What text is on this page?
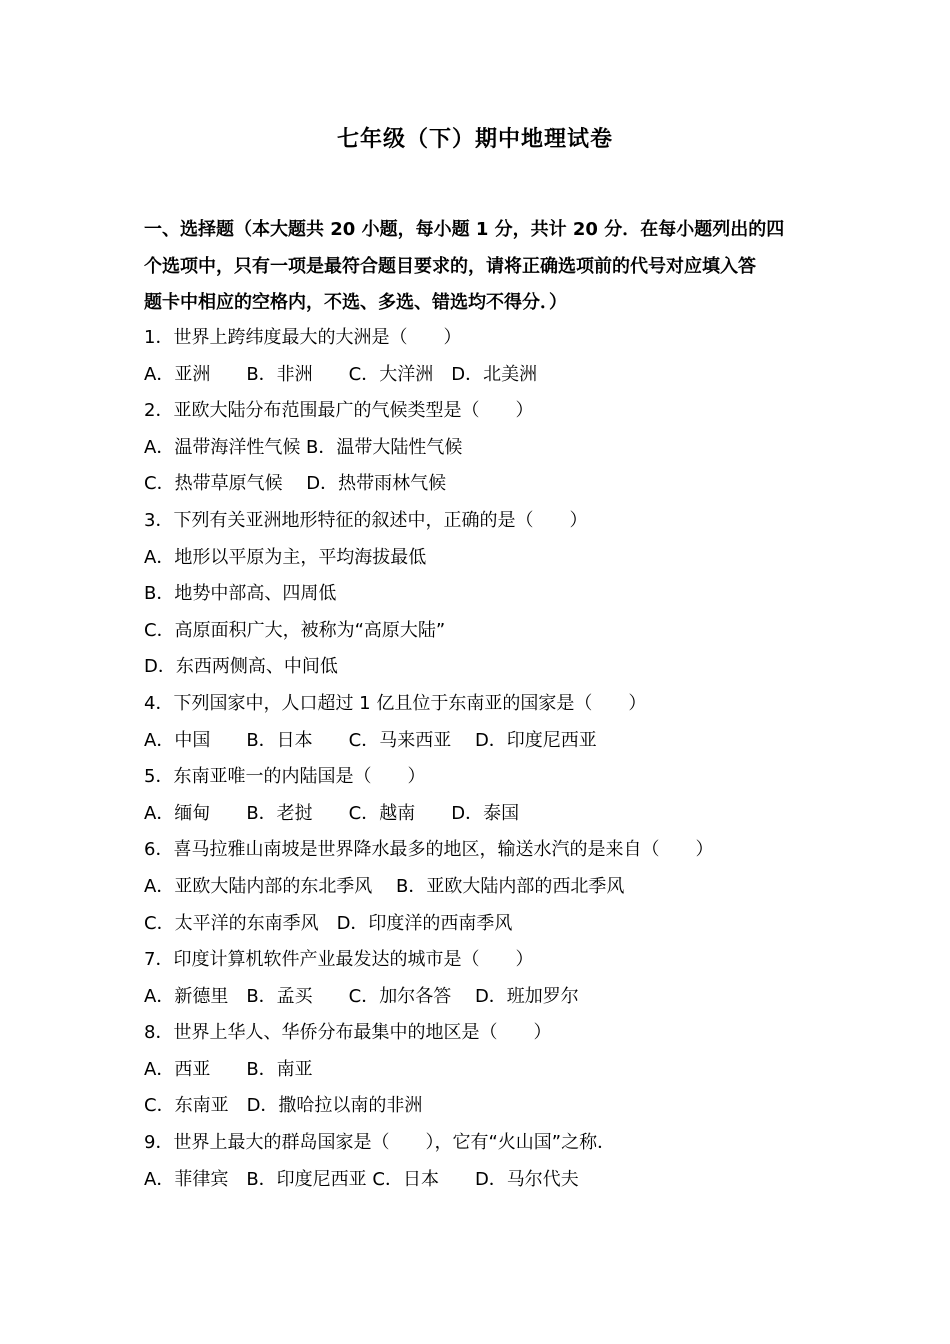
七年级（下）期中地理试卷
一、选择题（本大题共 20 小题，每小题 1 分，共计 20 分．在每小题列出的四
个选项中，只有一项是最符合题目要求的，请将正确选项前的代号对应填入答
题卡中相应的空格内，不选、多选、错选均不得分．）
1．世界上跨纬度最大的大洲是（　　）
A．亚洲　　B．非洲　　C．大洋洲　D．北美洲
2．亚欧大陆分布范围最广的气候类型是（　　）
A．温带海洋性气候 B．温带大陆性气候
C．热带草原气候　 D．热带雨林气候
3．下列有关亚洲地形特征的叙述中，正确的是（　　）
A．地形以平原为主，平均海拔最低
B．地势中部高、四周低
C．高原面积广大，被称为“高原大陆”
D．东西两侧高、中间低
4．下列国家中，人口超过 1 亿且位于东南亚的国家是（　　）
A．中国　　B．日本　　C．马来西亚　 D．印度尼西亚
5．东南亚唯一的内陆国是（　　）
A．缅甸　　B．老挝　　C．越南　　D．泰国
6．喜马拉雅山南坡是世界降水最多的地区，输送水汽的是来自（　　）
A．亚欧大陆内部的东北季风　 B．亚欧大陆内部的西北季风
C．太平洋的东南季风　D．印度洋的西南季风
7．印度计算机软件产业最发达的城市是（　　）
A．新德里　B．孟买　　C．加尔各答　 D．班加罗尔
8．世界上华人、华侨分布最集中的地区是（　　）
A．西亚　　B．南亚
C．东南亚　D．撒哈拉以南的非洲
9．世界上最大的群岛国家是（　　），它有“火山国”之称．
A．菲律宾　B．印度尼西亚 C．日本　　D．马尔代夫
